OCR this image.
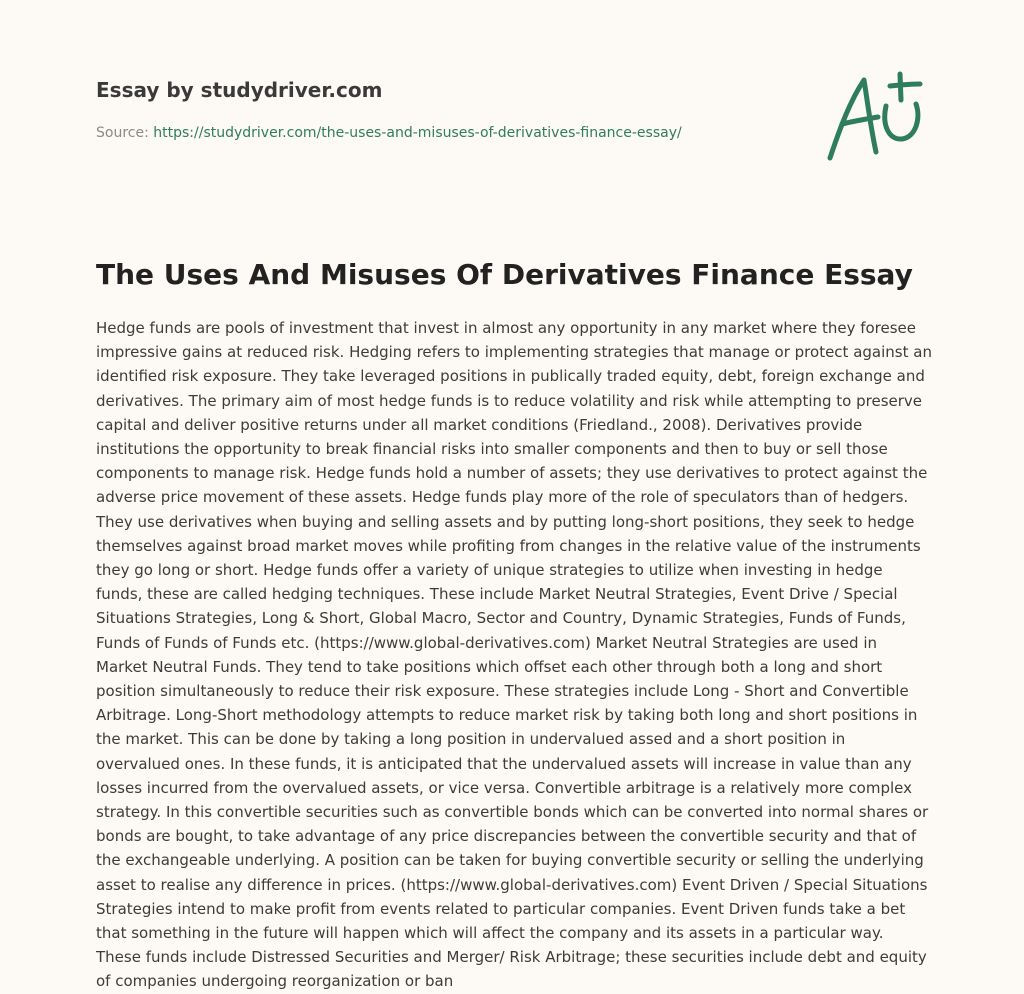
Essay by studydriver.com
Source: https://studydriver.com/the-uses-and-misuses-of-derivatives-finance-essay/
The Uses And Misuses Of Derivatives Finance Essay

Hedge funds are pools of investment that invest in almost any opportunity in any market where they foresee impressive gains at reduced risk. Hedging refers to implementing strategies that manage or protect against an identified risk exposure. They take leveraged positions in publically traded equity, debt, foreign exchange and derivatives. The primary aim of most hedge funds is to reduce volatility and risk while attempting to preserve capital and deliver positive returns under all market conditions (Friedland., 2008). Derivatives provide institutions the opportunity to break financial risks into smaller components and then to buy or sell those components to manage risk. Hedge funds hold a number of assets; they use derivatives to protect against the adverse price movement of these assets. Hedge funds play more of the role of speculators than of hedgers. They use derivatives when buying and selling assets and by putting long-short positions, they seek to hedge themselves against broad market moves while profiting from changes in the relative value of the instruments they go long or short. Hedge funds offer a variety of unique strategies to utilize when investing in hedge funds, these are called hedging techniques. These include Market Neutral Strategies, Event Drive / Special Situations Strategies, Long & Short, Global Macro, Sector and Country, Dynamic Strategies, Funds of Funds, Funds of Funds of Funds etc. (https://www.global-derivatives.com) Market Neutral Strategies are used in Market Neutral Funds. They tend to take positions which offset each other through both a long and short position simultaneously to reduce their risk exposure. These strategies include Long - Short and Convertible Arbitrage. Long-Short methodology attempts to reduce market risk by taking both long and short positions in the market. This can be done by taking a long position in undervalued assed and a short position in overvalued ones. In these funds, it is anticipated that the undervalued assets will increase in value than any losses incurred from the overvalued assets, or vice versa. Convertible arbitrage is a relatively more complex strategy. In this convertible securities such as convertible bonds which can be converted into normal shares or bonds are bought, to take advantage of any price discrepancies between the convertible security and that of the exchangeable underlying. A position can be taken for buying convertible security or selling the underlying asset to realise any difference in prices. (https://www.global-derivatives.com) Event Driven / Special Situations Strategies intend to make profit from events related to particular companies. Event Driven funds take a bet that something in the future will happen which will affect the company and its assets in a particular way. These funds include Distressed Securities and Merger/ Risk Arbitrage; these securities include debt and equity of companies undergoing reorganization or ban
